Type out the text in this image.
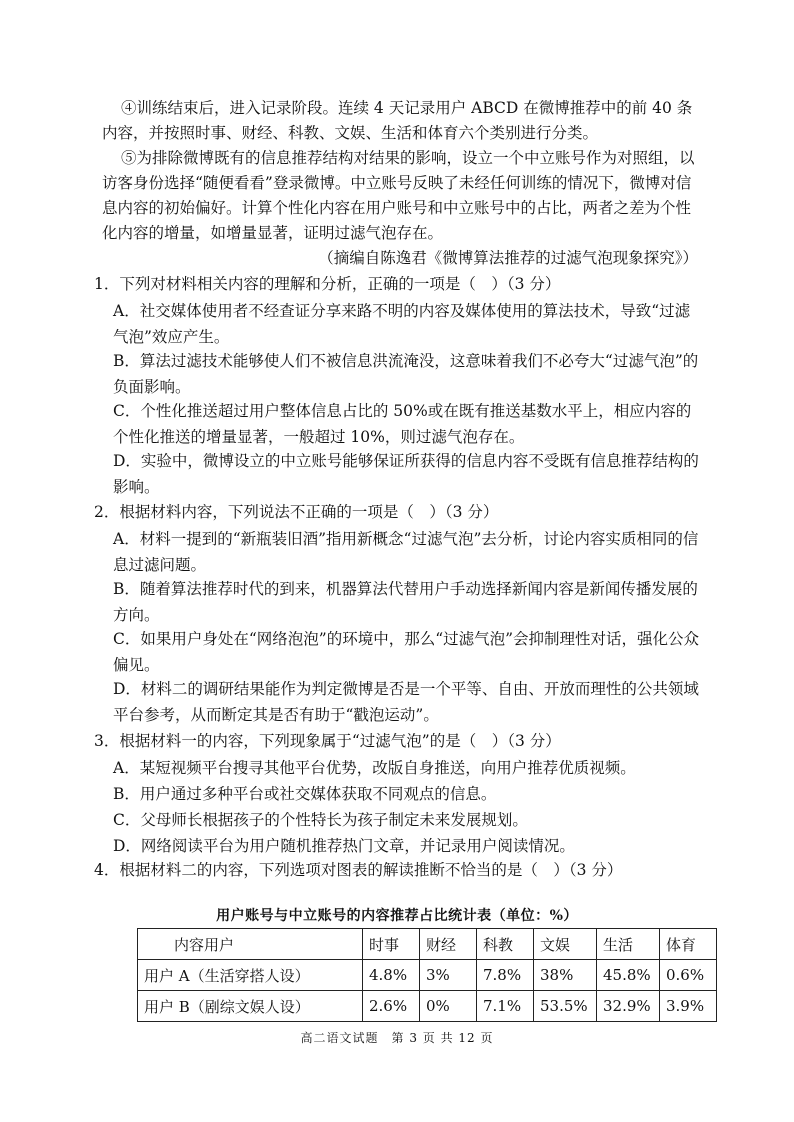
④训练结束后，进入记录阶段。连续 4 天记录用户 ABCD 在微博推荐中的前 40 条内容，并按照时事、财经、科教、文娱、生活和体育六个类别进行分类。

⑤为排除微博既有的信息推荐结构对结果的影响，设立一个中立账号作为对照组，以访客身份选择“随便看看”登录微博。中立账号反映了未经任何训练的情况下，微博对信息内容的初始偏好。计算个性化内容在用户账号和中立账号中的占比，两者之差为个性化内容的增量，如增量显著，证明过滤气泡存在。

（摘编自陈逸君《微博算法推荐的过滤气泡现象探究》）

1．下列对材料相关内容的理解和分析，正确的一项是（　）（3 分）

A．社交媒体使用者不经查证分享来路不明的内容及媒体使用的算法技术，导致“过滤气泡”效应产生。

B．算法过滤技术能够使人们不被信息洪流淹没，这意味着我们不必夸大“过滤气泡”的负面影响。

C．个性化推送超过用户整体信息占比的 50%或在既有推送基数水平上，相应内容的个性化推送的增量显著，一般超过 10%，则过滤气泡存在。

D．实验中，微博设立的中立账号能够保证所获得的信息内容不受既有信息推荐结构的影响。

2．根据材料内容，下列说法不正确的一项是（　）（3 分）

A．材料一提到的“新瓶装旧酒”指用新概念“过滤气泡”去分析，讨论内容实质相同的信息过滤问题。

B．随着算法推荐时代的到来，机器算法代替用户手动选择新闻内容是新闻传播发展的方向。

C．如果用户身处在“网络泡泡”的环境中，那么“过滤气泡”会抑制理性对话，强化公众偏见。

D．材料二的调研结果能作为判定微博是否是一个平等、自由、开放而理性的公共领域平台参考，从而断定其是否有助于“戳泡运动”。

3．根据材料一的内容，下列现象属于“过滤气泡”的是（　）（3 分）

A．某短视频平台搜寻其他平台优势，改版自身推送，向用户推荐优质视频。

B．用户通过多种平台或社交媒体获取不同观点的信息。

C．父母师长根据孩子的个性特长为孩子制定未来发展规划。

D．网络阅读平台为用户随机推荐热门文章，并记录用户阅读情况。

4．根据材料二的内容，下列选项对图表的解读推断不恰当的是（　）（3 分）

用户账号与中立账号的内容推荐占比统计表（单位：%）
内容用户	时事	财经	科教	文娱	生活	体育
用户 A（生活穿搭人设）	4.8%	3%	7.8%	38%	45.8%	0.6%
用户 B（剧综文娱人设）	2.6%	0%	7.1%	53.5%	32.9%	3.9%
高二语文试题　第 3 页 共 12 页
